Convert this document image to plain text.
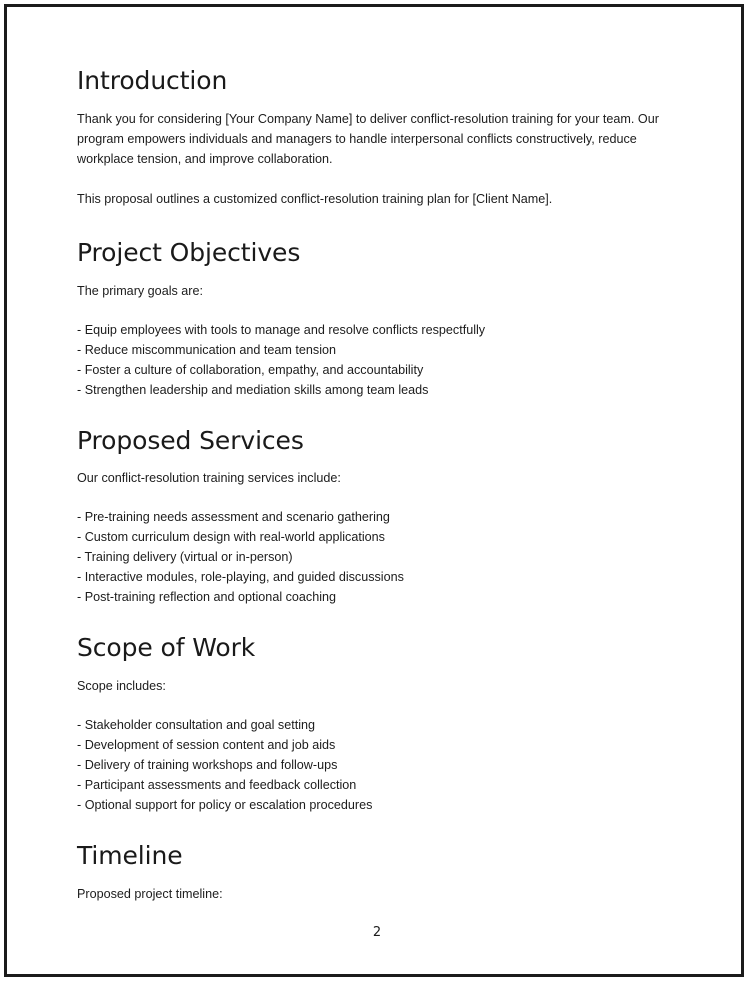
Introduction

Thank you for considering [Your Company Name] to deliver conflict-resolution training for your team. Our program empowers individuals and managers to handle interpersonal conflicts constructively, reduce workplace tension, and improve collaboration.

This proposal outlines a customized conflict-resolution training plan for [Client Name].

Project Objectives

The primary goals are:

- Equip employees with tools to manage and resolve conflicts respectfully
- Reduce miscommunication and team tension
- Foster a culture of collaboration, empathy, and accountability
- Strengthen leadership and mediation skills among team leads
Proposed Services

Our conflict-resolution training services include:

- Pre-training needs assessment and scenario gathering
- Custom curriculum design with real-world applications
- Training delivery (virtual or in-person)
- Interactive modules, role-playing, and guided discussions
- Post-training reflection and optional coaching
Scope of Work

Scope includes:

- Stakeholder consultation and goal setting
- Development of session content and job aids
- Delivery of training workshops and follow-ups
- Participant assessments and feedback collection
- Optional support for policy or escalation procedures
Timeline

Proposed project timeline:

2
